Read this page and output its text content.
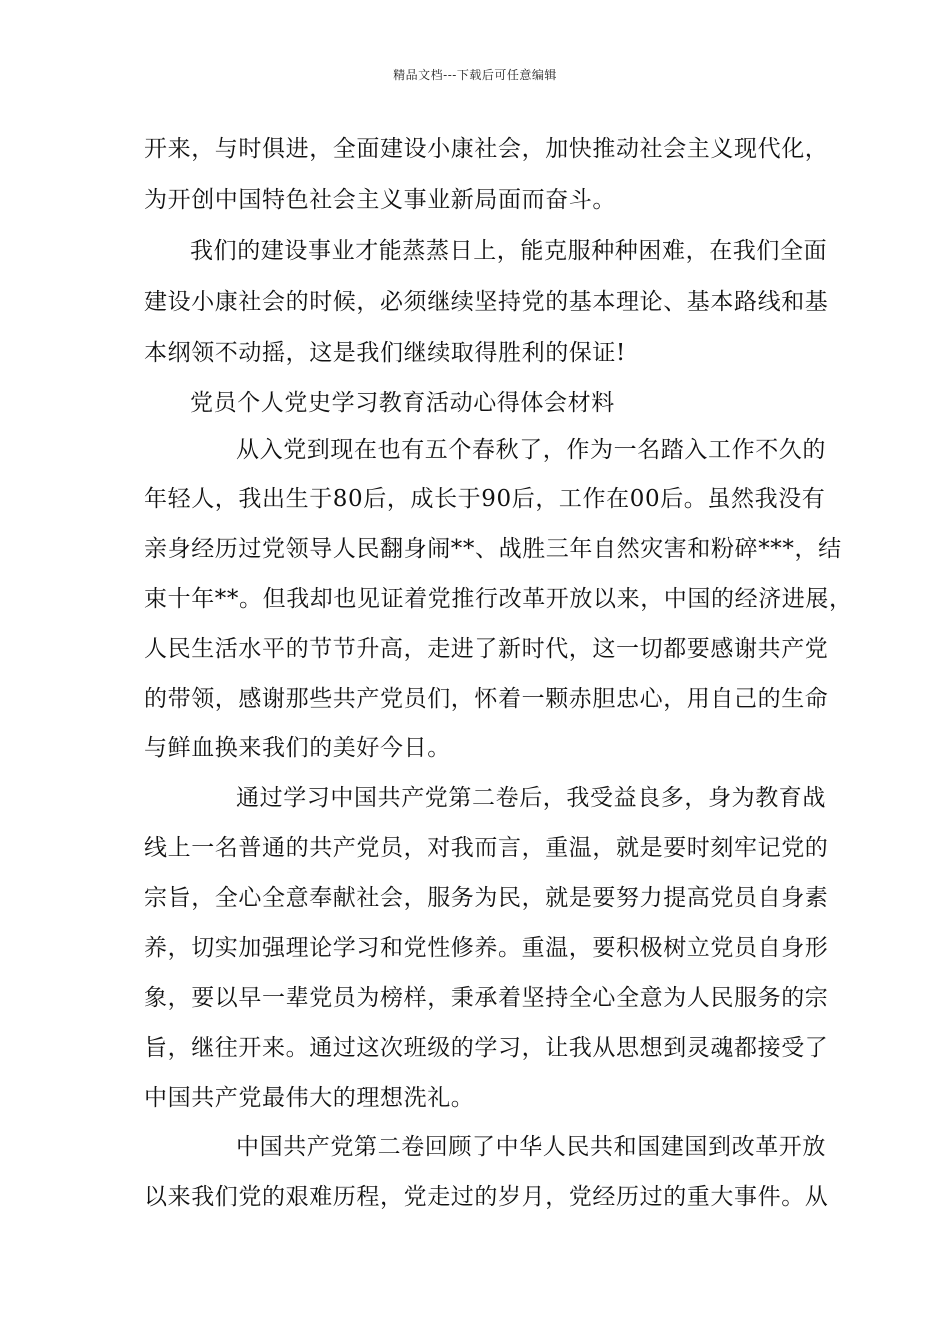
精品文档---下载后可任意编辑
开来，与时俱进，全面建设小康社会，加快推动社会主义现代化，
为开创中国特色社会主义事业新局面而奋斗。
我们的建设事业才能蒸蒸日上，能克服种种困难，在我们全面
建设小康社会的时候，必须继续坚持党的基本理论、基本路线和基
本纲领不动摇，这是我们继续取得胜利的保证!
党员个人党史学习教育活动心得体会材料
从入党到现在也有五个春秋了，作为一名踏入工作不久的
年轻人，我出生于80后，成长于90后，工作在00后。虽然我没有
亲身经历过党领导人民翻身闹**、战胜三年自然灾害和粉碎***，结
束十年**。但我却也见证着党推行改革开放以来，中国的经济进展，
人民生活水平的节节升高，走进了新时代，这一切都要感谢共产党
的带领，感谢那些共产党员们，怀着一颗赤胆忠心，用自己的生命
与鲜血换来我们的美好今日。
通过学习中国共产党第二卷后，我受益良多，身为教育战
线上一名普通的共产党员，对我而言，重温，就是要时刻牢记党的
宗旨，全心全意奉献社会，服务为民，就是要努力提高党员自身素
养，切实加强理论学习和党性修养。重温，要积极树立党员自身形
象，要以早一辈党员为榜样，秉承着坚持全心全意为人民服务的宗
旨，继往开来。通过这次班级的学习，让我从思想到灵魂都接受了
中国共产党最伟大的理想洗礼。
中国共产党第二卷回顾了中华人民共和国建国到改革开放
以来我们党的艰难历程，党走过的岁月，党经历过的重大事件。从
